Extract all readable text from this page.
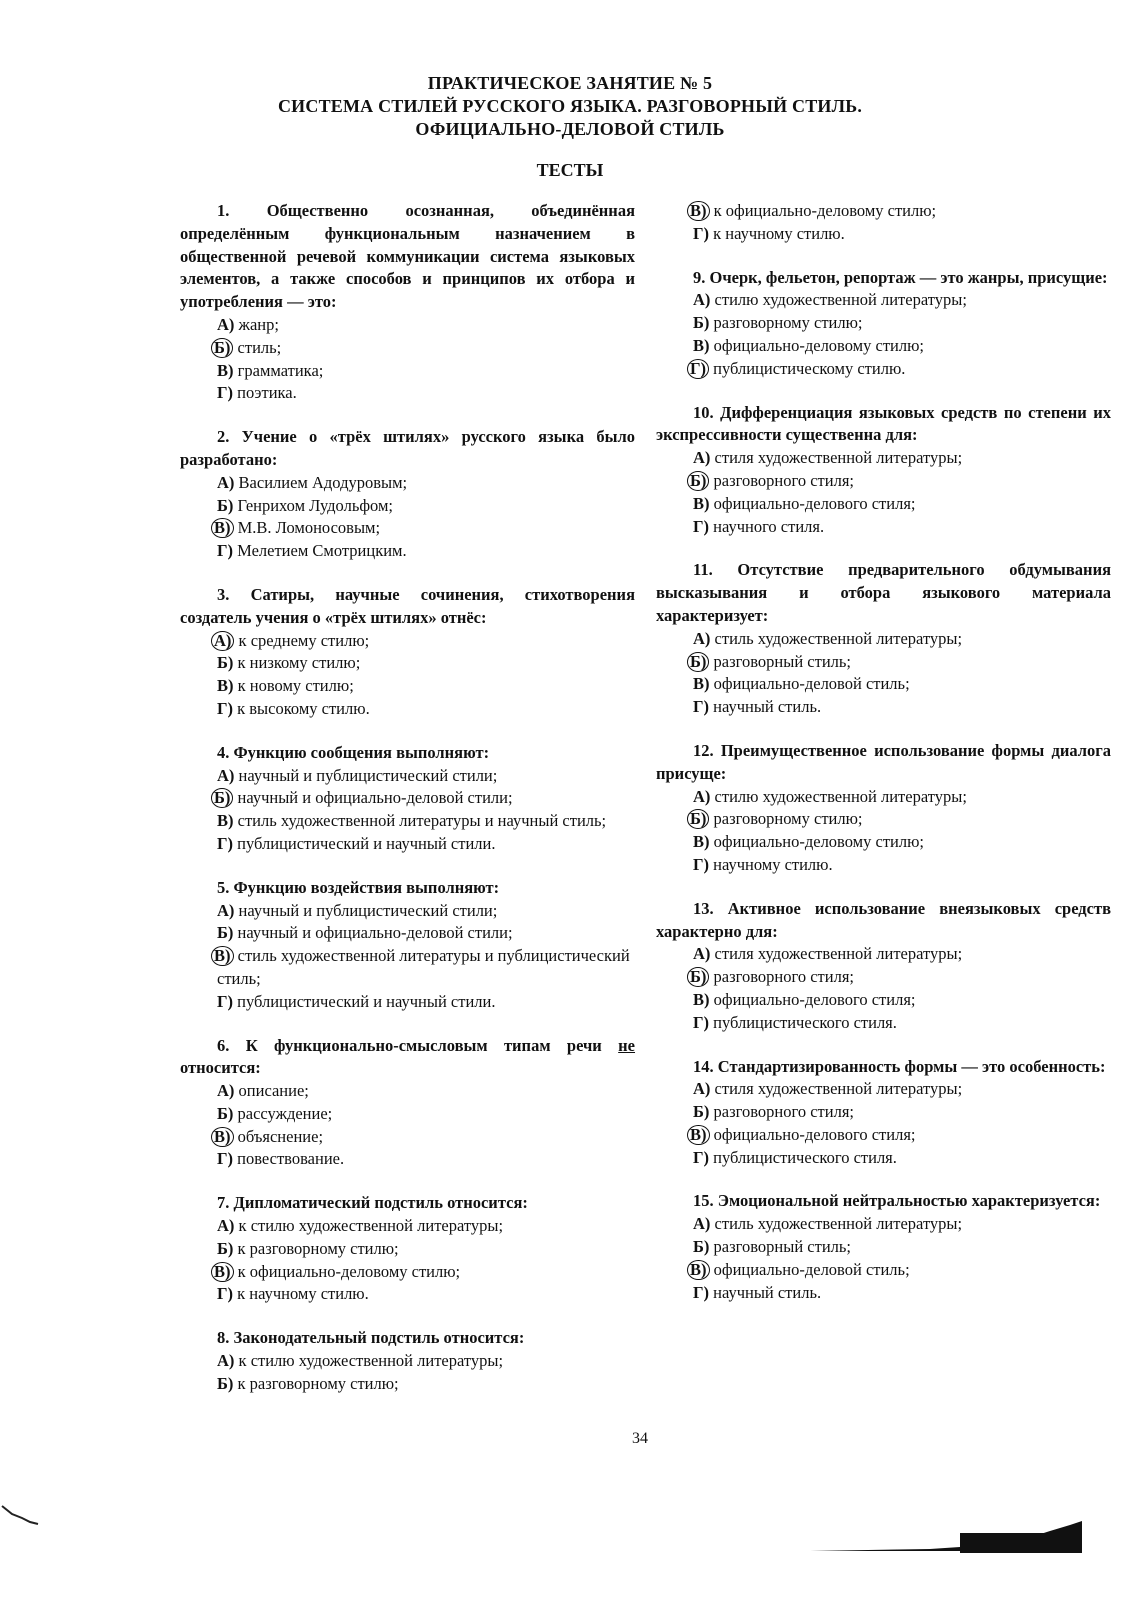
ПРАКТИЧЕСКОЕ ЗАНЯТИЕ № 5
СИСТЕМА СТИЛЕЙ РУССКОГО ЯЗЫКА. РАЗГОВОРНЫЙ СТИЛЬ.
ОФИЦИАЛЬНО-ДЕЛОВОЙ СТИЛЬ
ТЕСТЫ
1. Общественно осознанная, объединённая определённым функциональным назначением в общественной речевой коммуникации система языковых элементов, а также способов и принципов их отбора и употребления — это:
А) жанр;
Б) стиль;
В) грамматика;
Г) поэтика.
2. Учение о «трёх штилях» русского языка было разработано:
А) Василием Адодуровым;
Б) Генрихом Лудольфом;
В) М.В. Ломоносовым;
Г) Мелетием Смотрицким.
3. Сатиры, научные сочинения, стихотворения создатель учения о «трёх штилях» отнёс:
А) к среднему стилю;
Б) к низкому стилю;
В) к новому стилю;
Г) к высокому стилю.
4. Функцию сообщения выполняют:
А) научный и публицистический стили;
Б) научный и официально-деловой стили;
В) стиль художественной литературы и научный стиль;
Г) публицистический и научный стили.
5. Функцию воздействия выполняют:
А) научный и публицистический стили;
Б) научный и официально-деловой стили;
В) стиль художественной литературы и публицистический стиль;
Г) публицистический и научный стили.
6. К функционально-смысловым типам речи не относится:
А) описание;
Б) рассуждение;
В) объяснение;
Г) повествование.
7. Дипломатический подстиль относится:
А) к стилю художественной литературы;
Б) к разговорному стилю;
В) к официально-деловому стилю;
Г) к научному стилю.
8. Законодательный подстиль относится:
А) к стилю художественной литературы;
Б) к разговорному стилю;
В) к официально-деловому стилю;
Г) к научному стилю.
9. Очерк, фельетон, репортаж — это жанры, присущие:
А) стилю художественной литературы;
Б) разговорному стилю;
В) официально-деловому стилю;
Г) публицистическому стилю.
10. Дифференциация языковых средств по степени их экспрессивности существенна для:
А) стиля художественной литературы;
Б) разговорного стиля;
В) официально-делового стиля;
Г) научного стиля.
11. Отсутствие предварительного обдумывания высказывания и отбора языкового материала характеризует:
А) стиль художественной литературы;
Б) разговорный стиль;
В) официально-деловой стиль;
Г) научный стиль.
12. Преимущественное использование формы диалога присуще:
А) стилю художественной литературы;
Б) разговорному стилю;
В) официально-деловому стилю;
Г) научному стилю.
13. Активное использование внеязыковых средств характерно для:
А) стиля художественной литературы;
Б) разговорного стиля;
В) официально-делового стиля;
Г) публицистического стиля.
14. Стандартизированность формы — это особенность:
А) стиля художественной литературы;
Б) разговорного стиля;
В) официально-делового стиля;
Г) публицистического стиля.
15. Эмоциональной нейтральностью характеризуется:
А) стиль художественной литературы;
Б) разговорный стиль;
В) официально-деловой стиль;
Г) научный стиль.
34
